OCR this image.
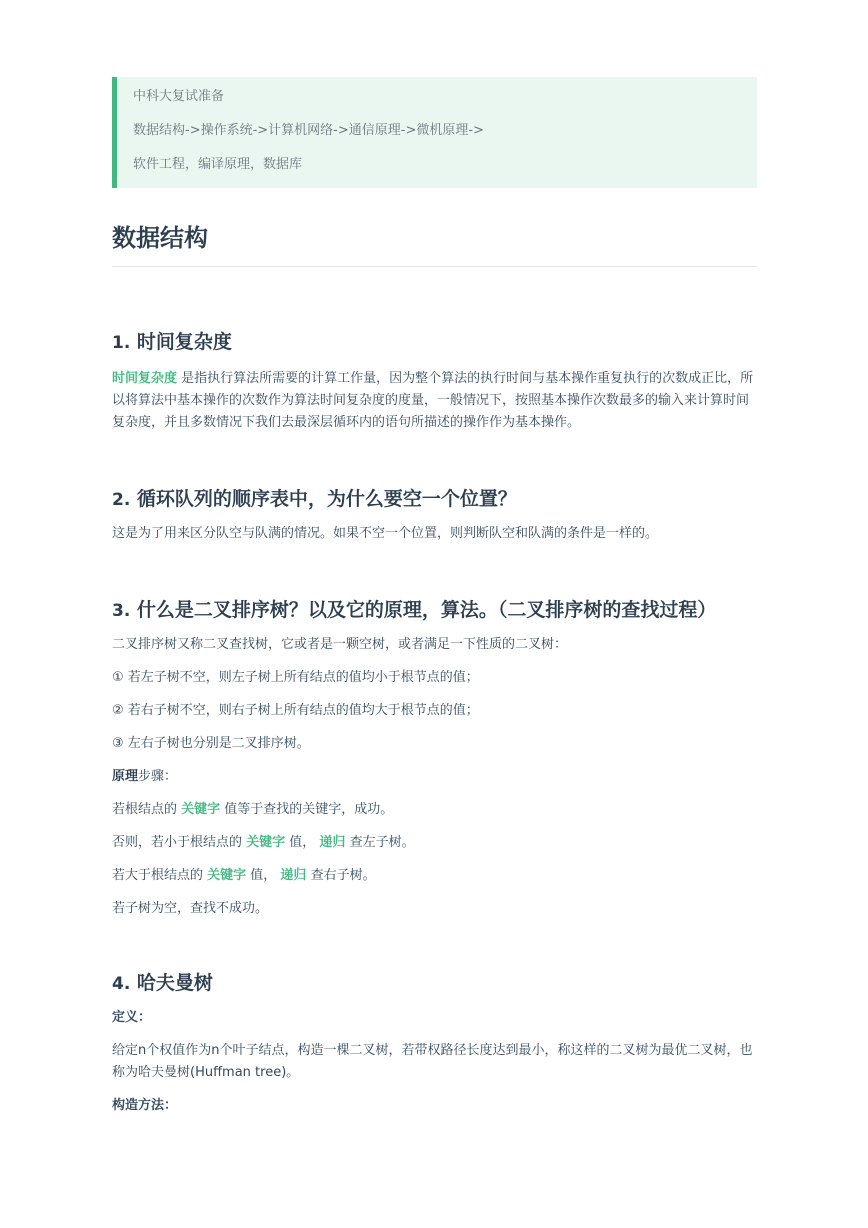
中科大复试准备

数据结构->操作系统->计算机网络->通信原理->微机原理->

软件工程，编译原理，数据库

数据结构
1. 时间复杂度

时间复杂度 是指执行算法所需要的计算工作量，因为整个算法的执行时间与基本操作重复执行的次数成正比，所以将算法中基本操作的次数作为算法时间复杂度的度量，一般情况下，按照基本操作次数最多的输入来计算时间复杂度，并且多数情况下我们去最深层循环内的语句所描述的操作作为基本操作。

2. 循环队列的顺序表中，为什么要空一个位置？

这是为了用来区分队空与队满的情况。如果不空一个位置，则判断队空和队满的条件是一样的。

3. 什么是二叉排序树？以及它的原理，算法。（二叉排序树的查找过程）

二叉排序树又称二叉查找树，它或者是一颗空树，或者满足一下性质的二叉树：

① 若左子树不空，则左子树上所有结点的值均小于根节点的值；

② 若右子树不空，则右子树上所有结点的值均大于根节点的值；

③ 左右子树也分别是二叉排序树。

原理步骤：

若根结点的 关键字 值等于查找的关键字，成功。

否则，若小于根结点的 关键字 值， 递归 查左子树。

若大于根结点的 关键字 值， 递归 查右子树。

若子树为空，查找不成功。

4. 哈夫曼树

定义：

给定n个权值作为n个叶子结点，构造一棵二叉树，若带权路径长度达到最小，称这样的二叉树为最优二叉树，也称为哈夫曼树(Huffman tree)。

构造方法：
